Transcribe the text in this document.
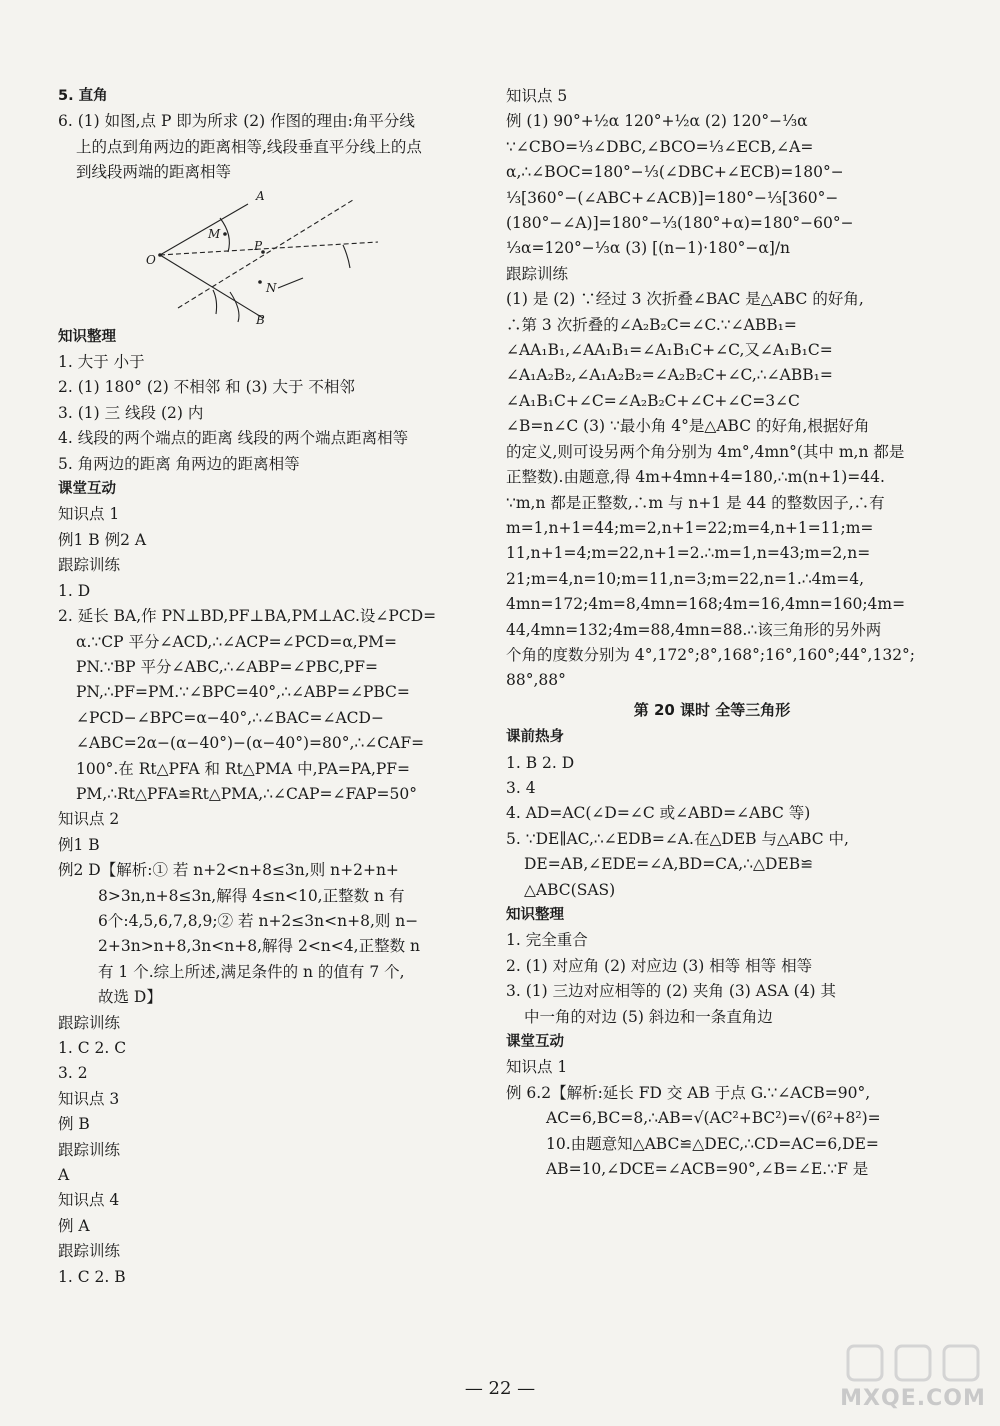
5. 直角
6. (1) 如图,点 P 即为所求 (2) 作图的理由:角平分线
上的点到角两边的距离相等,线段垂直平分线上的点
到线段两端的距离相等
A
M
P
O
N
B
知识整理
1. 大于 小于
2. (1) 180° (2) 不相邻 和 (3) 大于 不相邻
3. (1) 三 线段 (2) 内
4. 线段的两个端点的距离 线段的两个端点距离相等
5. 角两边的距离 角两边的距离相等
课堂互动
知识点 1
例1 B 例2 A
跟踪训练
1. D
2. 延长 BA,作 PN⊥BD,PF⊥BA,PM⊥AC.设∠PCD=
α.∵CP 平分∠ACD,∴∠ACP=∠PCD=α,PM=
PN.∵BP 平分∠ABC,∴∠ABP=∠PBC,PF=
PN,∴PF=PM.∵∠BPC=40°,∴∠ABP=∠PBC=
∠PCD−∠BPC=α−40°,∴∠BAC=∠ACD−
∠ABC=2α−(α−40°)−(α−40°)=80°,∴∠CAF=
100°.在 Rt△PFA 和 Rt△PMA 中,PA=PA,PF=
PM,∴Rt△PFA≌Rt△PMA,∴∠CAP=∠FAP=50°
知识点 2
例1 B
例2 D【解析:① 若 n+2<n+8≤3n,则 n+2+n+
8>3n,n+8≤3n,解得 4≤n<10,正整数 n 有
6个:4,5,6,7,8,9;② 若 n+2≤3n<n+8,则 n−
2+3n>n+8,3n<n+8,解得 2<n<4,正整数 n
有 1 个.综上所述,满足条件的 n 的值有 7 个,
故选 D】
跟踪训练
1. C 2. C
3. 2
知识点 3
例 B
跟踪训练
A
知识点 4
例 A
跟踪训练
1. C 2. B
知识点 5
例 (1) 90°+½α 120°+½α (2) 120°−⅓α
∵∠CBO=⅓∠DBC,∠BCO=⅓∠ECB,∠A=
α,∴∠BOC=180°−⅓(∠DBC+∠ECB)=180°−
⅓[360°−(∠ABC+∠ACB)]=180°−⅓[360°−
(180°−∠A)]=180°−⅓(180°+α)=180°−60°−
⅓α=120°−⅓α (3) [(n−1)·180°−α]/n
跟踪训练
(1) 是 (2) ∵经过 3 次折叠∠BAC 是△ABC 的好角,
∴第 3 次折叠的∠A₂B₂C=∠C.∵∠ABB₁=
∠AA₁B₁,∠AA₁B₁=∠A₁B₁C+∠C,又∠A₁B₁C=
∠A₁A₂B₂,∠A₁A₂B₂=∠A₂B₂C+∠C,∴∠ABB₁=
∠A₁B₁C+∠C=∠A₂B₂C+∠C+∠C=3∠C
∠B=n∠C (3) ∵最小角 4°是△ABC 的好角,根据好角
的定义,则可设另两个角分别为 4m°,4mn°(其中 m,n 都是
正整数).由题意,得 4m+4mn+4=180,∴m(n+1)=44.
∵m,n 都是正整数,∴m 与 n+1 是 44 的整数因子,∴有
m=1,n+1=44;m=2,n+1=22;m=4,n+1=11;m=
11,n+1=4;m=22,n+1=2.∴m=1,n=43;m=2,n=
21;m=4,n=10;m=11,n=3;m=22,n=1.∴4m=4,
4mn=172;4m=8,4mn=168;4m=16,4mn=160;4m=
44,4mn=132;4m=88,4mn=88.∴该三角形的另外两
个角的度数分别为 4°,172°;8°,168°;16°,160°;44°,132°;
88°,88°
第 20 课时 全等三角形
课前热身
1. B 2. D
3. 4
4. AD=AC(∠D=∠C 或∠ABD=∠ABC 等)
5. ∵DE∥AC,∴∠EDB=∠A.在△DEB 与△ABC 中,
DE=AB,∠EDE=∠A,BD=CA,∴△DEB≌
△ABC(SAS)
知识整理
1. 完全重合
2. (1) 对应角 (2) 对应边 (3) 相等 相等 相等
3. (1) 三边对应相等的 (2) 夹角 (3) ASA (4) 其
中一角的对边 (5) 斜边和一条直角边
课堂互动
知识点 1
例 6.2【解析:延长 FD 交 AB 于点 G.∵∠ACB=90°,
AC=6,BC=8,∴AB=√(AC²+BC²)=√(6²+8²)=
10.由题意知△ABC≌△DEC,∴CD=AC=6,DE=
AB=10,∠DCE=∠ACB=90°,∠B=∠E.∵F 是
— 22 —	MXQE.COM
